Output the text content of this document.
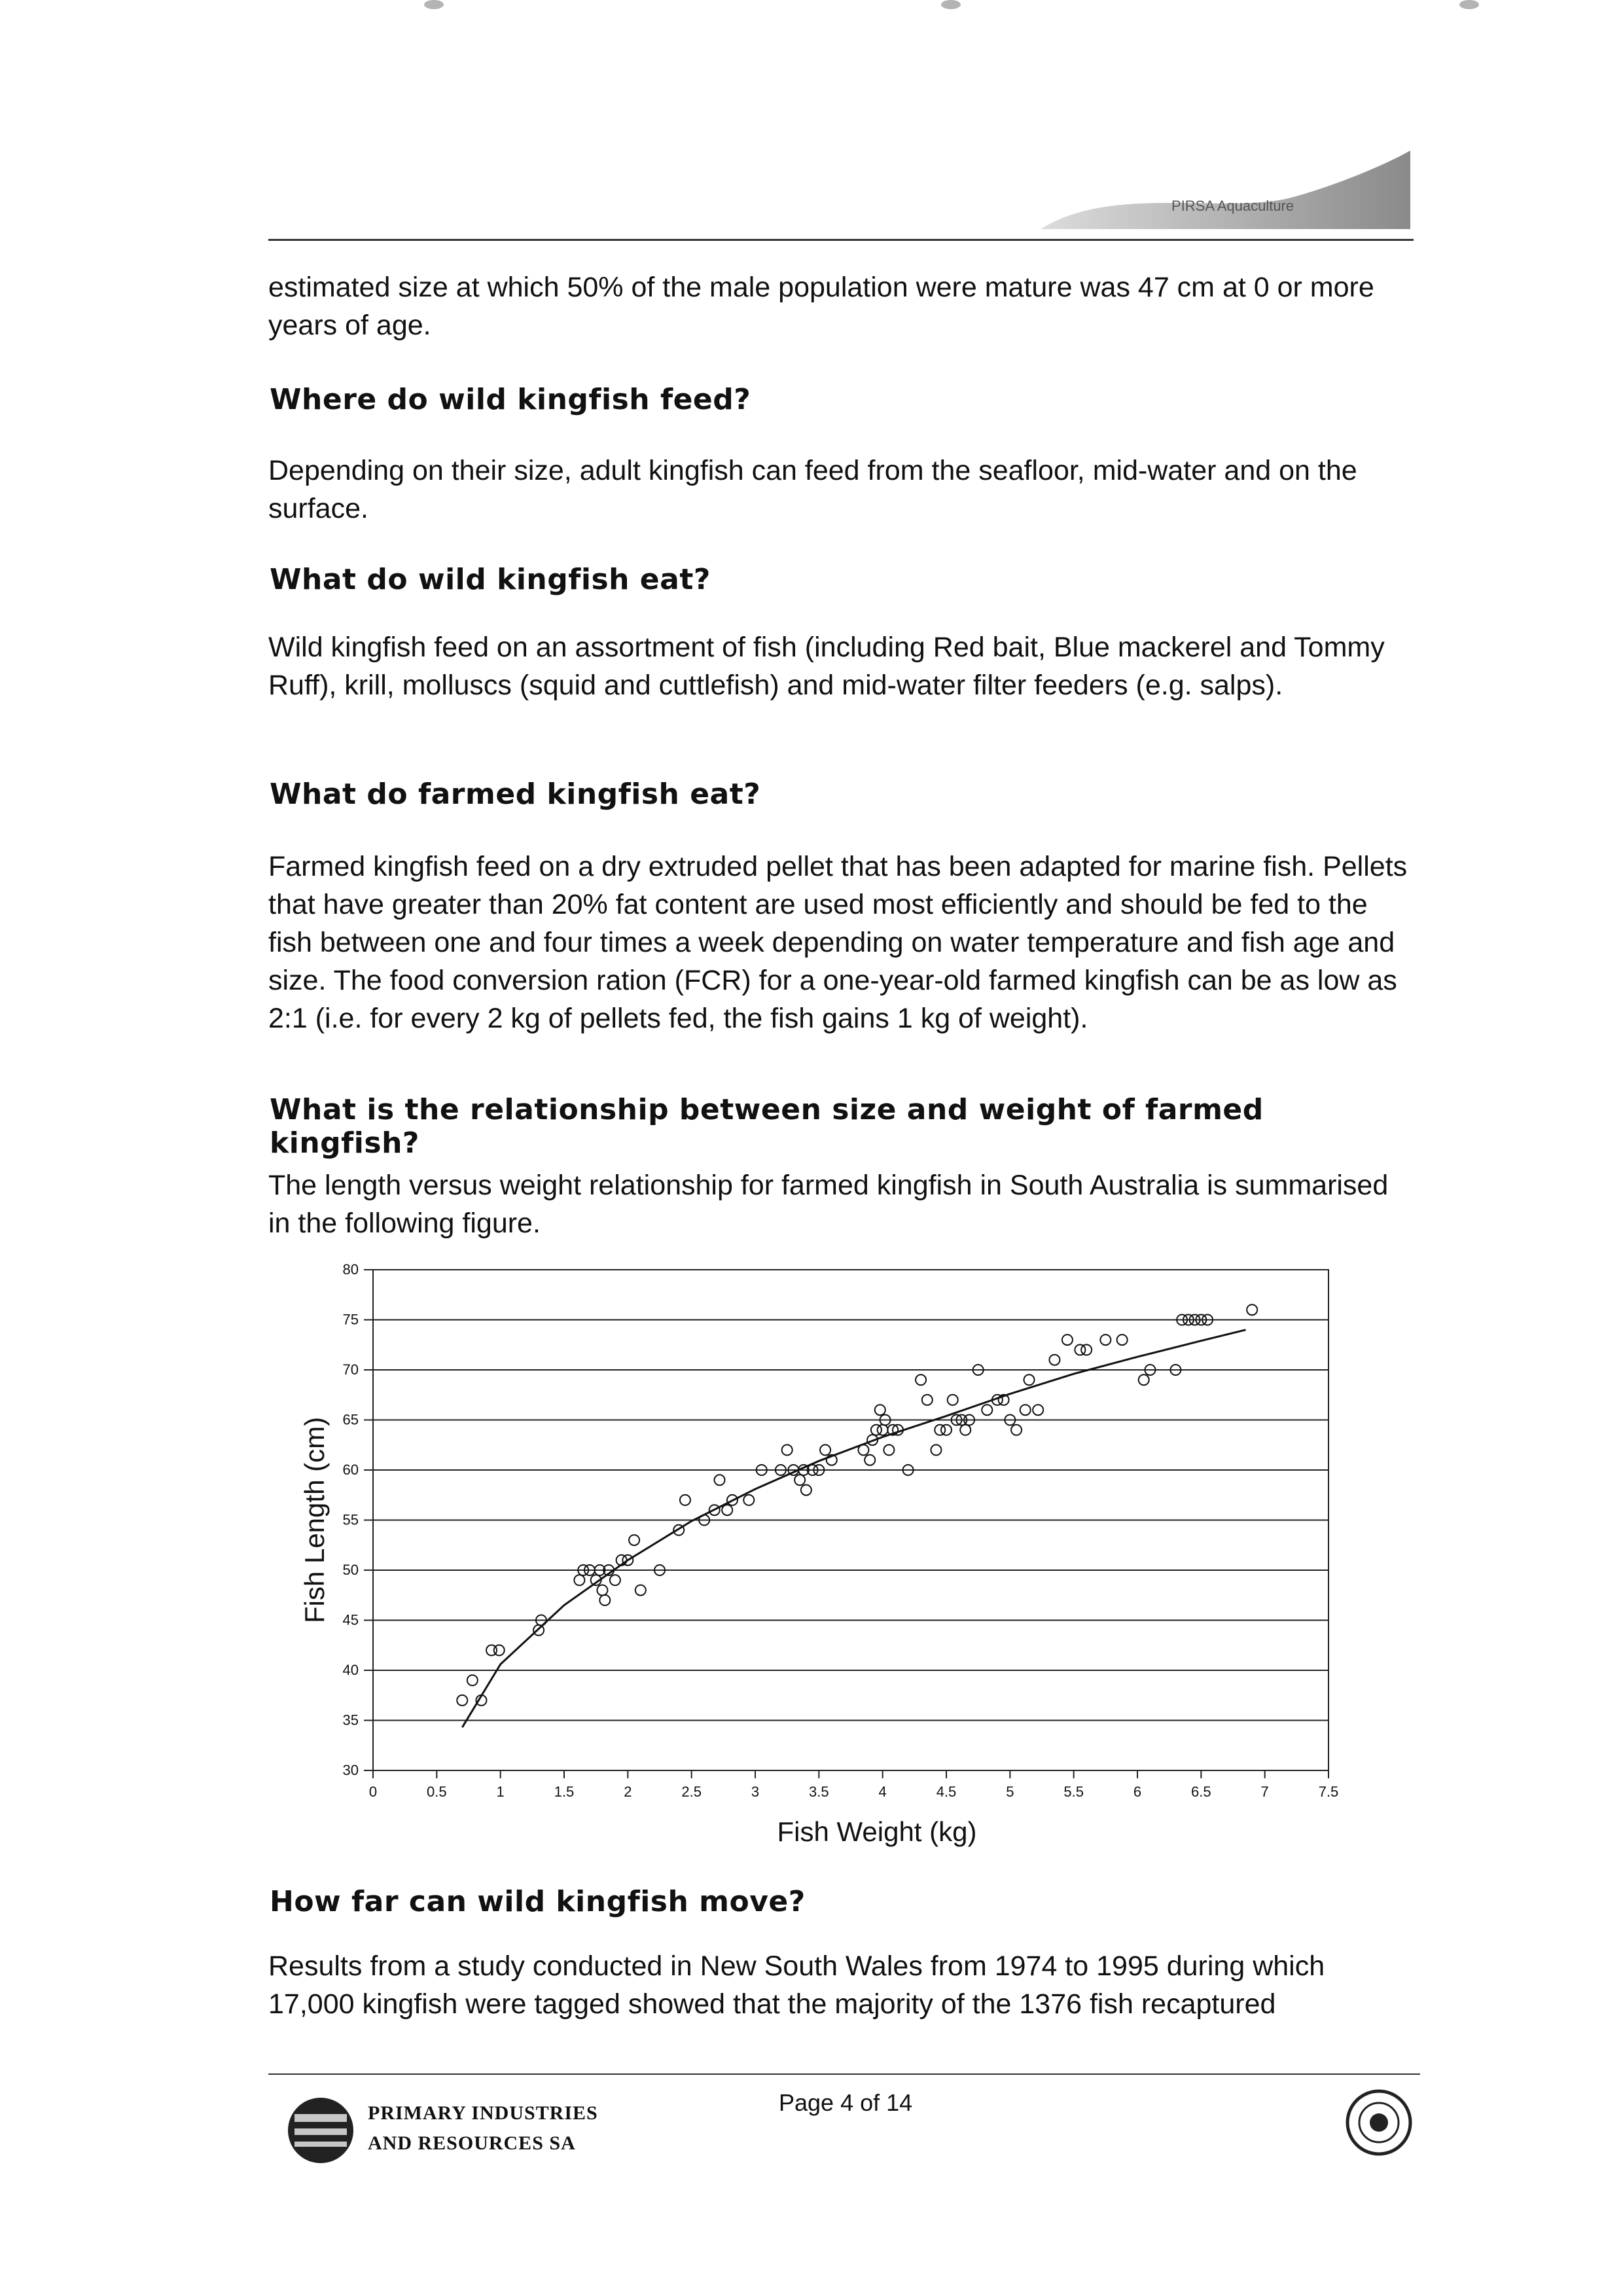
PIRSA Aquaculture
estimated size at which 50% of the male population were mature was 47 cm at 0 or more years of age.
Where do wild kingfish feed?
Depending on their size, adult kingfish can feed from the seafloor, mid-water and on the surface.
What do wild kingfish eat?
Wild kingfish feed on an assortment of fish (including Red bait, Blue mackerel and Tommy Ruff), krill, molluscs (squid and cuttlefish) and mid-water filter feeders (e.g. salps).
What do farmed kingfish eat?
Farmed kingfish feed on a dry extruded pellet that has been adapted for marine fish. Pellets that have greater than 20% fat content are used most efficiently and should be fed to the fish between one and four times a week depending on water temperature and fish age and size. The food conversion ration (FCR) for a one-year-old farmed kingfish can be as low as 2:1 (i.e. for every 2 kg of pellets fed, the fish gains 1 kg of weight).
What is the relationship between size and weight of farmed kingfish?
The length versus weight relationship for farmed kingfish in South Australia is summarised in the following figure.
30
35
40
45
50
55
60
65
70
75
80
0	0.5	1	1.5	2	2.5	3	3.5	4	4.5	5	5.5	6	6.5	7	7.5
Fish Weight (kg)
Fish Length (cm)
How far can wild kingfish move?
Results from a study conducted in New South Wales from 1974 to 1995 during which 17,000 kingfish were tagged showed that the majority of the 1376 fish recaptured
PRIMARY INDUSTRIES
AND RESOURCES SA
Page 4 of 14
